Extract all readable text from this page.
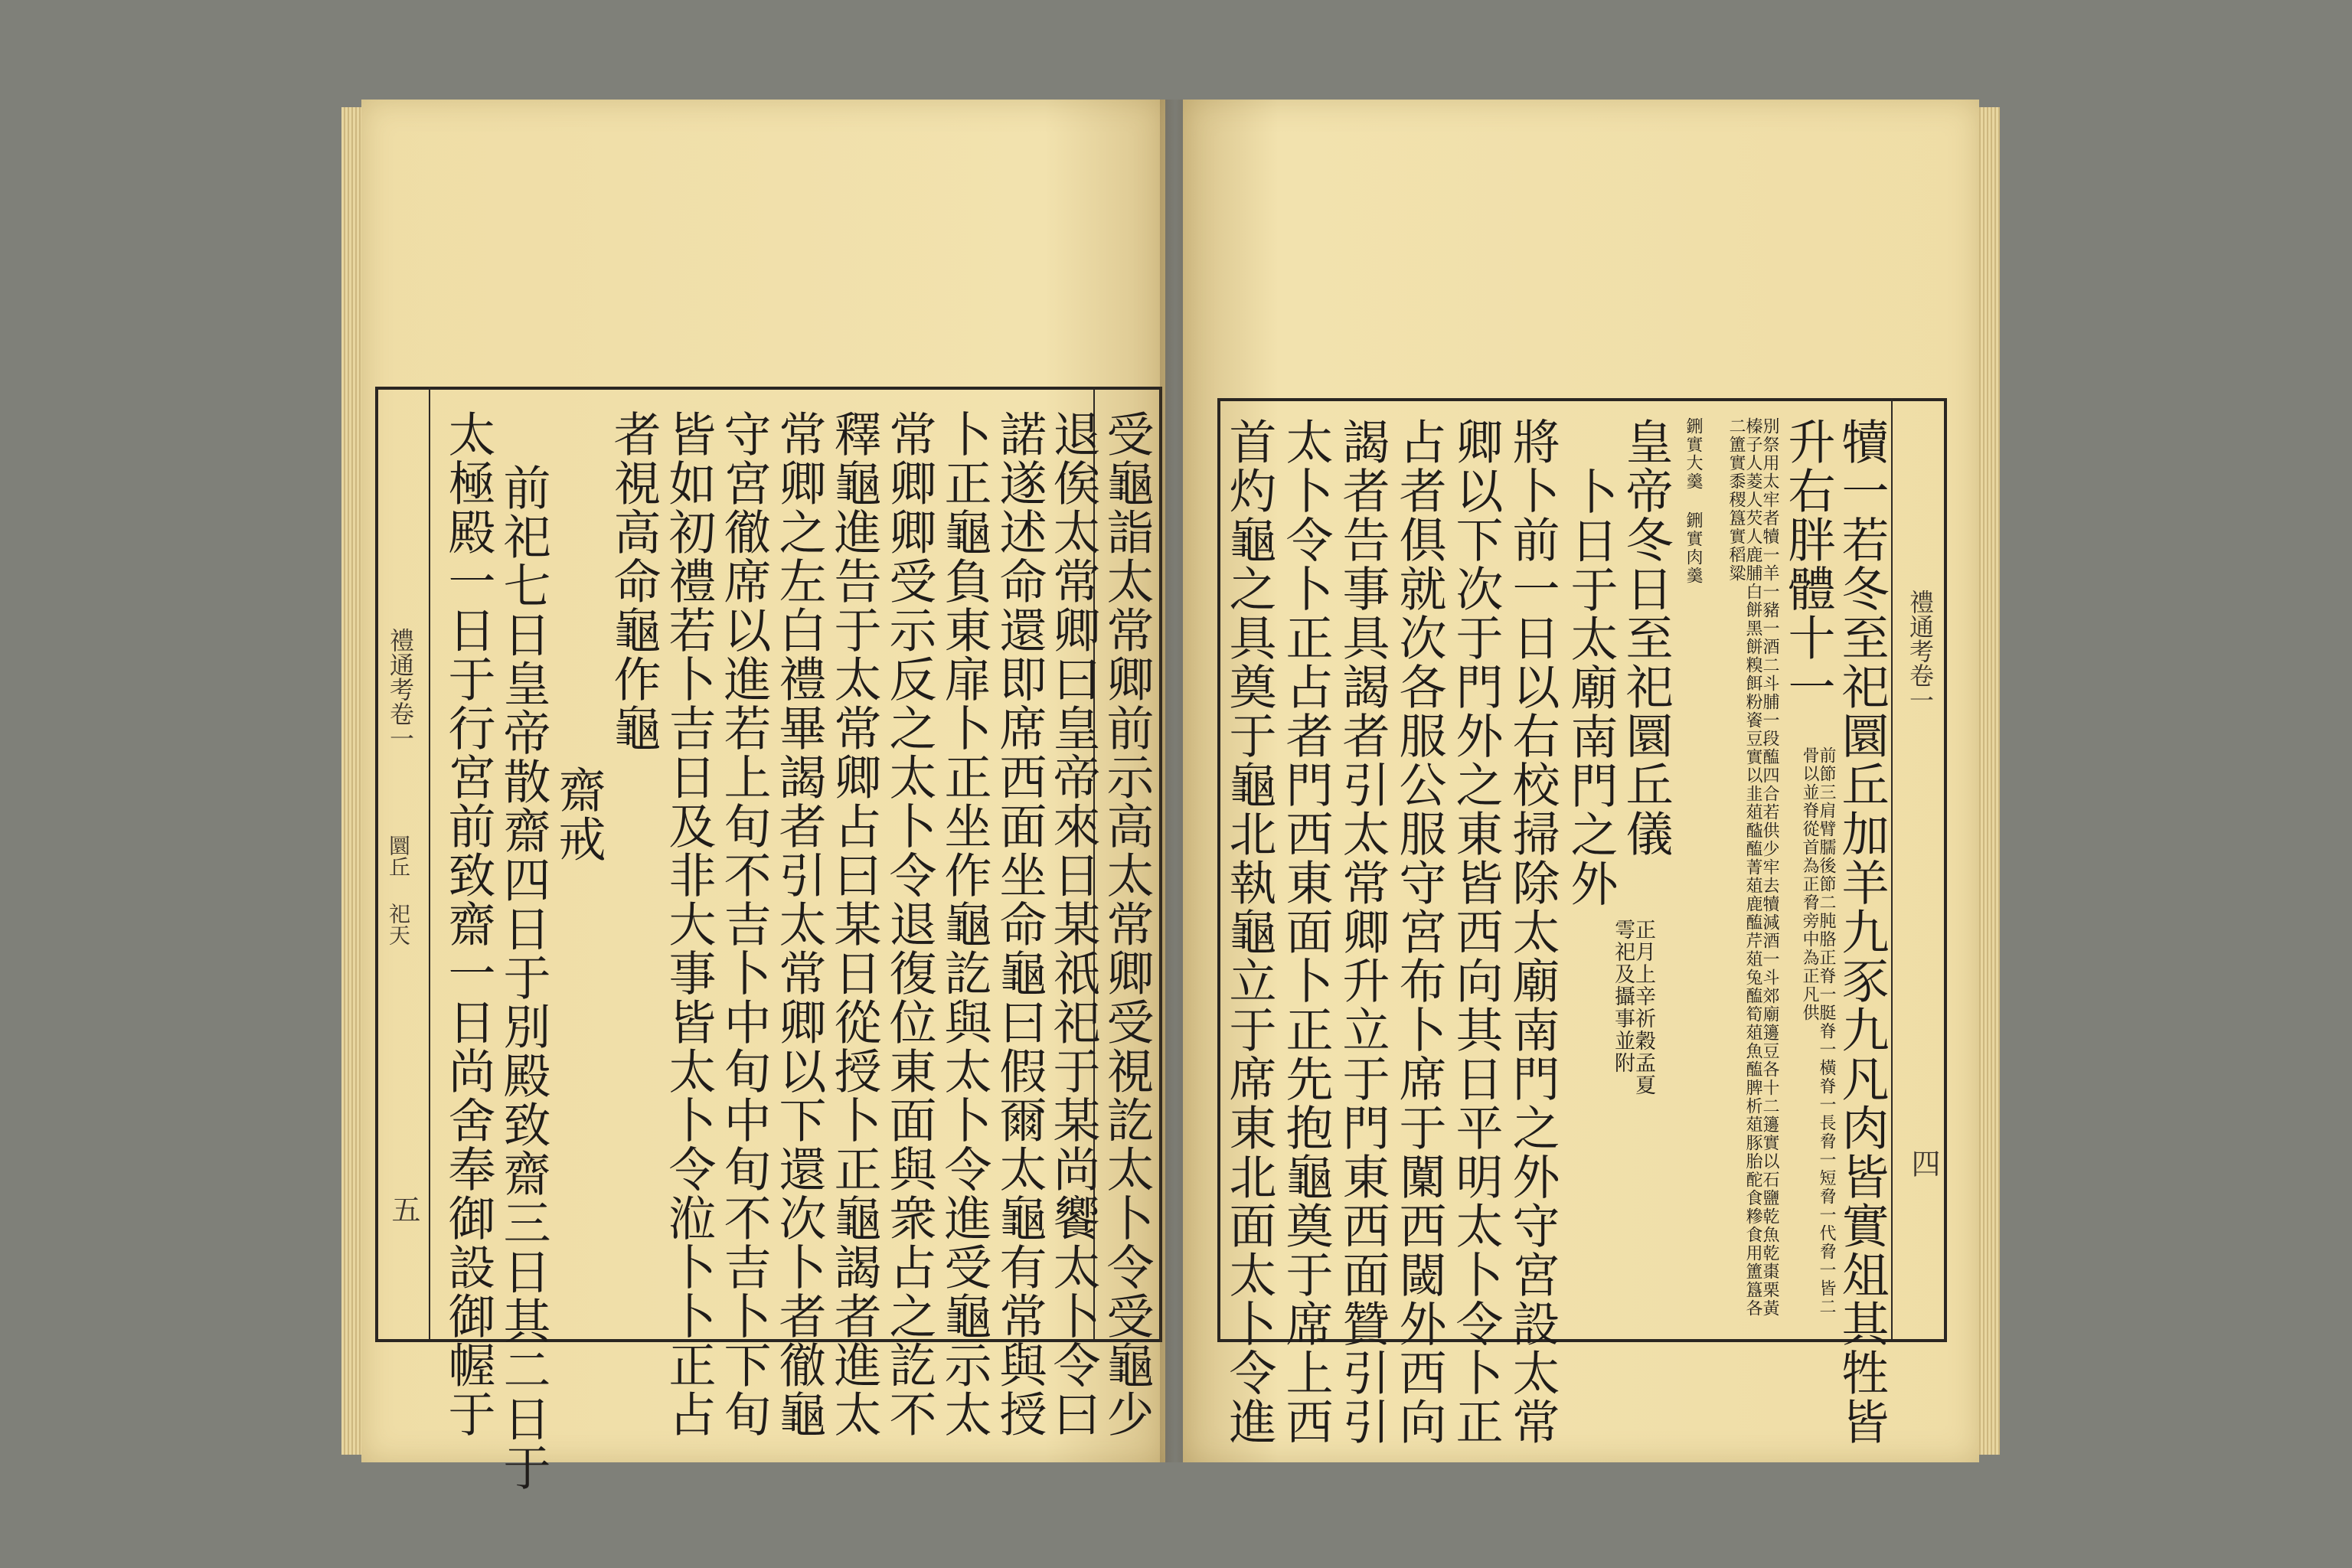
受龜詣太常卿前示高太常卿受視訖太卜令受龜少
退俟太常卿曰皇帝來日某祇祀于某尚饗太卜令曰
諾遂述命還即席西面坐命龜曰假爾太龜有常與授
卜正龜負東扉卜正坐作龜訖與太卜令進受龜示太
常卿卿受示反之太卜令退復位東面與衆占之訖不
釋龜進告于太常卿占曰某日從授卜正龜謁者進太
常卿之左白禮畢謁者引太常卿以下還次卜者徹龜
守宮徹席以進若上旬不吉卜中旬中旬不吉卜下旬
皆如初禮若卜吉日及非大事皆太卜令涖卜卜正占
者視高命龜作龜
齋戒
前祀七日皇帝散齋四日于別殿致齋三日其二日于
太極殿一日于行宮前致齋一日尚舍奉御設御幄于
禮通考卷一
圜丘 祀天
五
禮通考卷一
四
犢一若冬至祀圜丘加羊九豕九凡肉皆實俎其牲皆
升右胖體十一
前節三肩臂臑後節二肫胳正脊一脡脊一橫脊一長脅一短脅一代脅一皆二骨以並脊從首為正脅旁中為正凡供
別祭用太牢者犢一羊一豬一酒二斗脯一段醢四合若供少牢去犢減酒一斗郊廟籩豆各十二籩實以石鹽乾魚乾棗栗黃榛子人菱人芡人鹿脯白餅黑餅糗餌粉餈豆實以韭葅醓醢菁葅鹿醢芹葅兔醢筍葅魚醢脾析葅豚胎酡食糝食用簠簋各二簠實黍稷簋實稻粱
鉶實大羹 鉶實肉羹
皇帝冬日至祀圜丘儀
正月上辛祈穀孟夏雩祀及攝事並附
卜日于太廟南門之外
將卜前一日以右校掃除太廟南門之外守宮設太常
卿以下次于門外之東皆西向其日平明太卜令卜正
占者俱就次各服公服守宮布卜席于闑西閾外西向
謁者告事具謁者引太常卿升立于門東西面贊引引
太卜令卜正占者門西東面卜正先抱龜奠于席上西
首灼龜之具奠于龜北執龜立于席東北面太卜令進
